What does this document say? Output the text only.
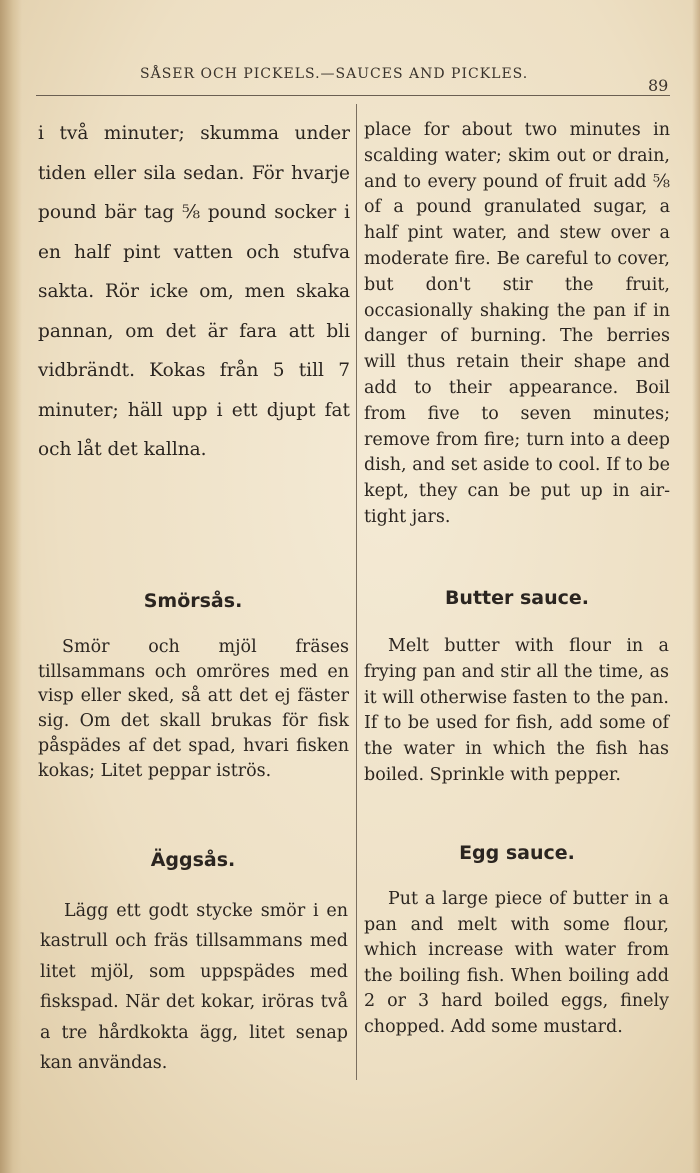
SÅSER OCH PICKELS.—SAUCES AND PICKLES.
89

i två minuter; skumma under tiden eller sila sedan. För hvarje pound bär tag ⅝ pound socker i en half pint vatten och stufva sakta. Rör icke om, men skaka pannan, om det är fara att bli vidbrändt. Kokas från 5 till 7 minuter; häll upp i ett djupt fat och låt det kallna.

place for about two minutes in scalding water; skim out or drain, and to every pound of fruit add ⅝ of a pound granulated sugar, a half pint water, and stew over a moderate fire. Be careful to cover, but don't stir the fruit, occasionally shaking the pan if in danger of burning. The berries will thus retain their shape and add to their appearance. Boil from five to seven minutes; remove from fire; turn into a deep dish, and set aside to cool. If to be kept, they can be put up in air-tight jars.

Smörsås.	Butter sauce.

Smör och mjöl fräses tillsammans och omröres med en visp eller sked, så att det ej fäster sig. Om det skall brukas för fisk påspädes af det spad, hvari fisken kokas; Litet peppar iströs.

Melt butter with flour in a frying pan and stir all the time, as it will otherwise fasten to the pan. If to be used for fish, add some of the water in which the fish has boiled. Sprinkle with pepper.

Äggsås.	Egg sauce.

Lägg ett godt stycke smör i en kastrull och fräs tillsammans med litet mjöl, som uppspädes med fiskspad. När det kokar, iröras två a tre hårdkokta ägg, litet senap kan användas.

Put a large piece of butter in a pan and melt with some flour, which increase with water from the boiling fish. When boiling add 2 or 3 hard boiled eggs, finely chopped. Add some mustard.
